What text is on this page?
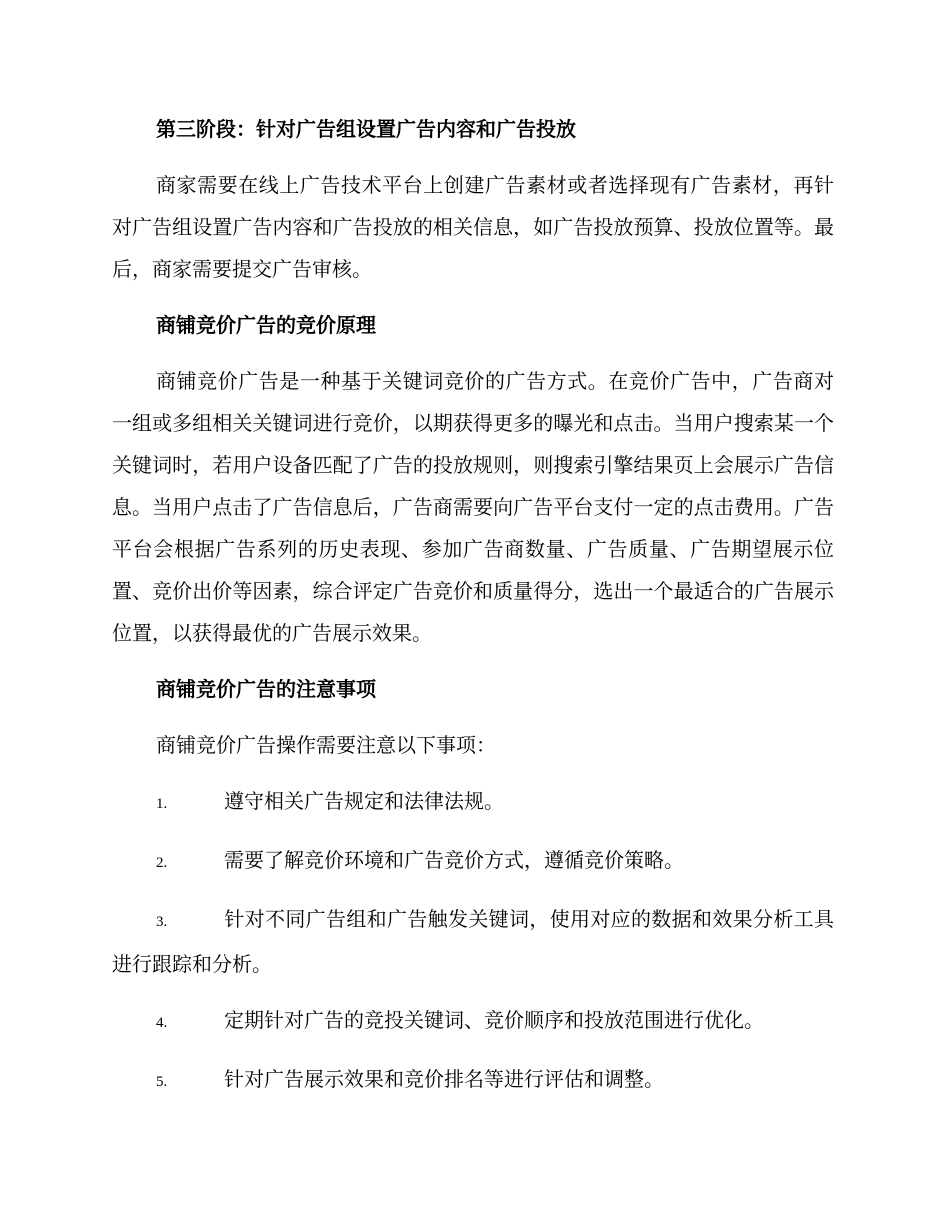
第三阶段：针对广告组设置广告内容和广告投放

商家需要在线上广告技术平台上创建广告素材或者选择现有广告素材，再针对广告组设置广告内容和广告投放的相关信息，如广告投放预算、投放位置等。最后，商家需要提交广告审核。

商铺竞价广告的竞价原理

商铺竞价广告是一种基于关键词竞价的广告方式。在竞价广告中，广告商对一组或多组相关关键词进行竞价，以期获得更多的曝光和点击。当用户搜索某一个关键词时，若用户设备匹配了广告的投放规则，则搜索引擎结果页上会展示广告信息。当用户点击了广告信息后，广告商需要向广告平台支付一定的点击费用。广告平台会根据广告系列的历史表现、参加广告商数量、广告质量、广告期望展示位置、竞价出价等因素，综合评定广告竞价和质量得分，选出一个最适合的广告展示位置，以获得最优的广告展示效果。

商铺竞价广告的注意事项

商铺竞价广告操作需要注意以下事项：

1.	遵守相关广告规定和法律法规。

2.	需要了解竞价环境和广告竞价方式，遵循竞价策略。

3.	针对不同广告组和广告触发关键词，使用对应的数据和效果分析工具进行跟踪和分析。

4.	定期针对广告的竞投关键词、竞价顺序和投放范围进行优化。

5.	针对广告展示效果和竞价排名等进行评估和调整。
